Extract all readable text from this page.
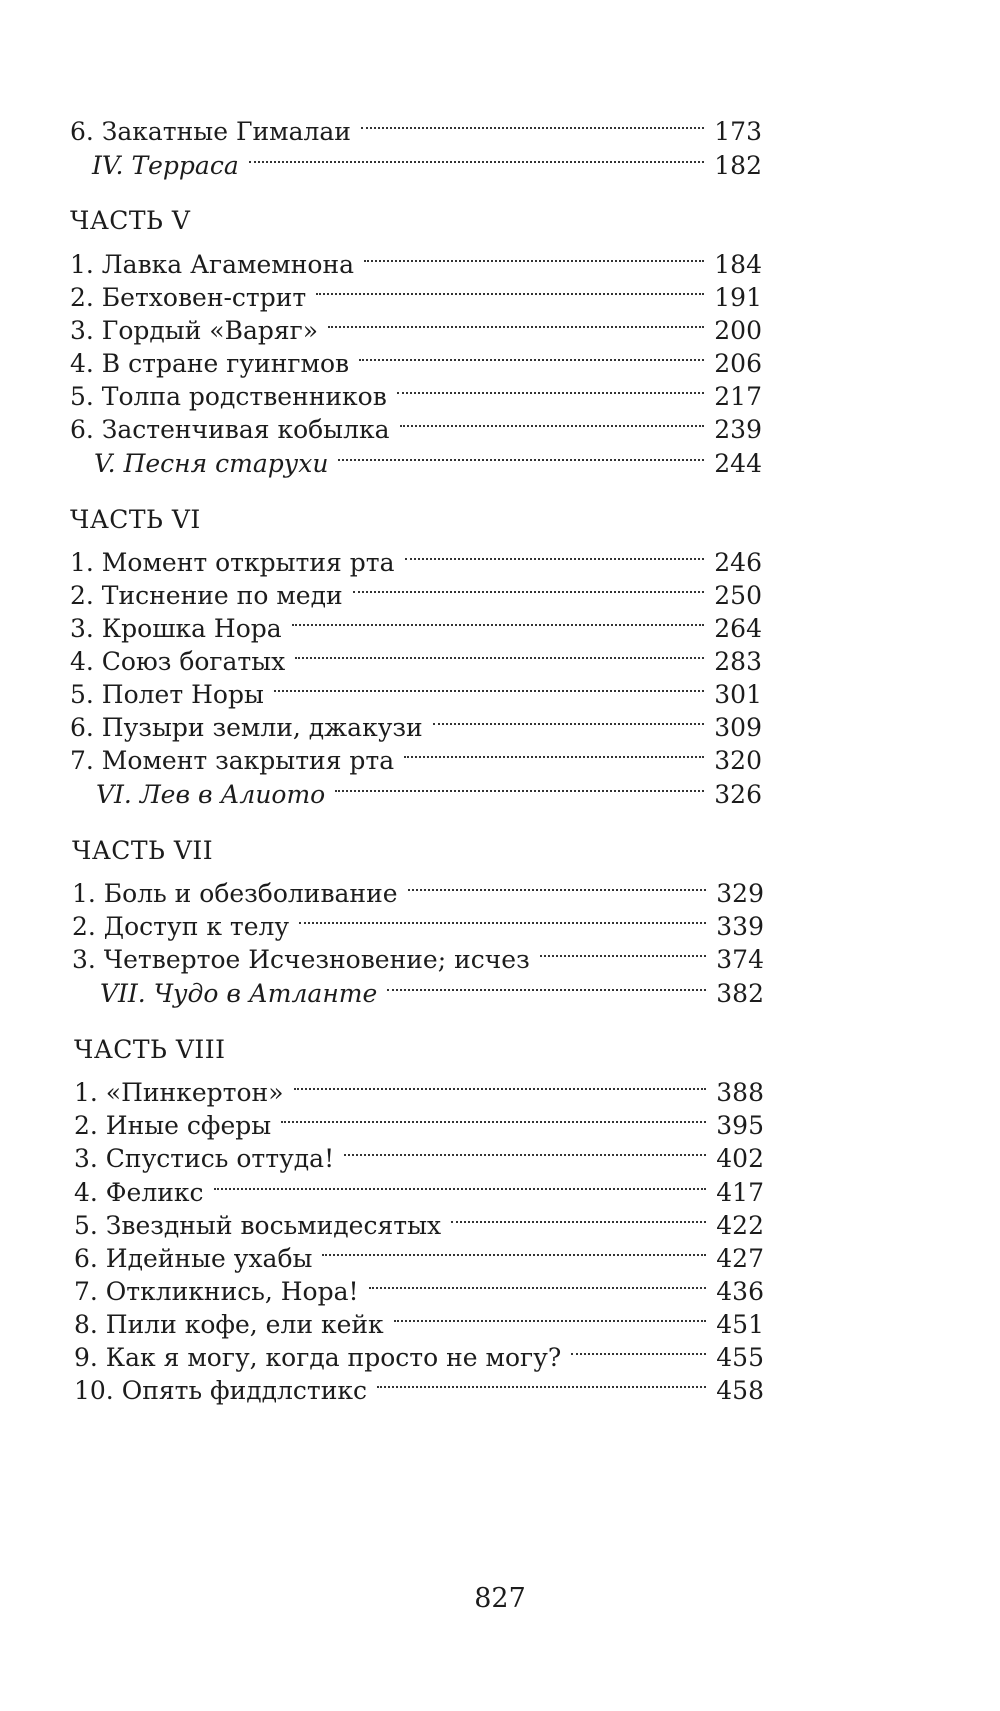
6. Закатные Гималаи	173
IV. Терраса	182
ЧАСТЬ V
1. Лавка Агамемнона	184
2. Бетховен-стрит	191
3. Гордый «Варяг»	200
4. В стране гуингмов	206
5. Толпа родственников	217
6. Застенчивая кобылка	239
V. Песня старухи	244
ЧАСТЬ VI
1. Момент открытия рта	246
2. Тиснение по меди	250
3. Крошка Нора	264
4. Союз богатых	283
5. Полет Норы	301
6. Пузыри земли, джакузи	309
7. Момент закрытия рта	320
VI. Лев в Алиото	326
ЧАСТЬ VII
1. Боль и обезболивание	329
2. Доступ к телу	339
3. Четвертое Исчезновение; исчез	374
VII. Чудо в Атланте	382
ЧАСТЬ VIII
1. «Пинкертон»	388
2. Иные сферы	395
3. Спустись оттуда!	402
4. Феликс	417
5. Звездный восьмидесятых	422
6. Идейные ухабы	427
7. Откликнись, Нора!	436
8. Пили кофе, ели кейк	451
9. Как я могу, когда просто не могу?	455
10. Опять фиддлстикс	458
827
